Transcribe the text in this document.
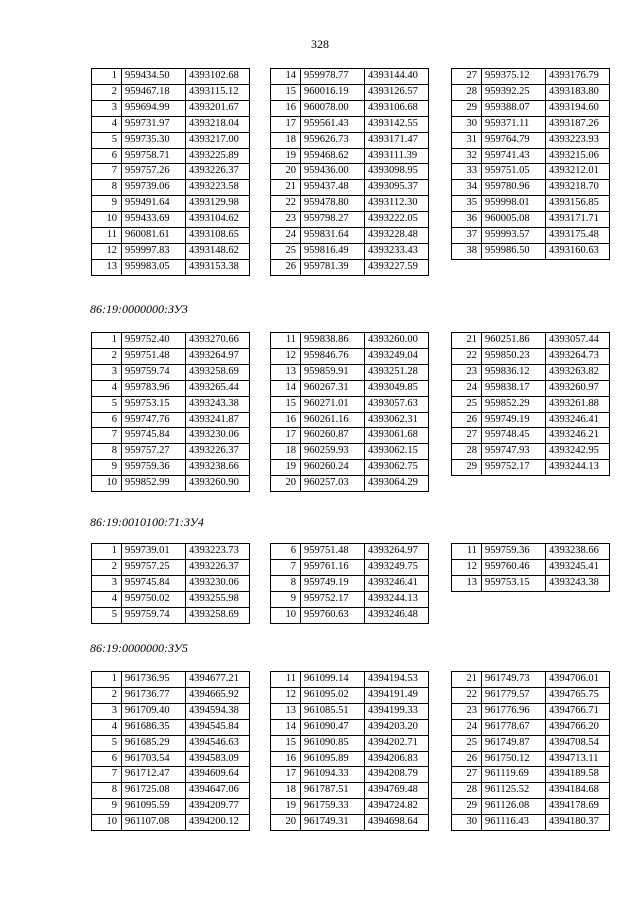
328
1	959434.50	4393102.68
2	959467.18	4393115.12
3	959694.99	4393201.67
4	959731.97	4393218.04
5	959735.30	4393217.00
6	959758.71	4393225.89
7	959757.26	4393226.37
8	959739.06	4393223.58
9	959491.64	4393129.98
10	959433.69	4393104.62
11	960081.61	4393108.65
12	959997.83	4393148.62
13	959983.05	4393153.38
14	959978.77	4393144.40
15	960016.19	4393126.57
16	960078.00	4393106.68
17	959561.43	4393142.55
18	959626.73	4393171.47
19	959468.62	4393111.39
20	959436.00	4393098.95
21	959437.48	4393095.37
22	959478.80	4393112.30
23	959798.27	4393222.05
24	959831.64	4393228.48
25	959816.49	4393233.43
26	959781.39	4393227.59
27	959375.12	4393176.79
28	959392.25	4393183.80
29	959388.07	4393194.60
30	959371.11	4393187.26
31	959764.79	4393223.93
32	959741.43	4393215.06
33	959751.05	4393212.01
34	959780.96	4393218.70
35	959998.01	4393156.85
36	960005.08	4393171.71
37	959993.57	4393175.48
38	959986.50	4393160.63
86:19:0000000:ЗУ3
1	959752.40	4393270.66
2	959751.48	4393264.97
3	959759.74	4393258.69
4	959783.96	4393265.44
5	959753.15	4393243.38
6	959747.76	4393241.87
7	959745.84	4393230.06
8	959757.27	4393226.37
9	959759.36	4393238.66
10	959852.99	4393260.90
11	959838.86	4393260.00
12	959846.76	4393249.04
13	959859.91	4393251.28
14	960267.31	4393049.85
15	960271.01	4393057.63
16	960261.16	4393062.31
17	960260.87	4393061.68
18	960259.93	4393062.15
19	960260.24	4393062.75
20	960257.03	4393064.29
21	960251.86	4393057.44
22	959850.23	4393264.73
23	959836.12	4393263.82
24	959838.17	4393260.97
25	959852.29	4393261.88
26	959749.19	4393246.41
27	959748.45	4393246.21
28	959747.93	4393242.95
29	959752.17	4393244.13
86:19:0010100:71:ЗУ4
1	959739.01	4393223.73
2	959757.25	4393226.37
3	959745.84	4393230.06
4	959750.02	4393255.98
5	959759.74	4393258.69
6	959751.48	4393264.97
7	959761.16	4393249.75
8	959749.19	4393246.41
9	959752.17	4393244.13
10	959760.63	4393246.48
11	959759.36	4393238.66
12	959760.46	4393245.41
13	959753.15	4393243.38
86:19:0000000:ЗУ5
1	961736.95	4394677.21
2	961736.77	4394665.92
3	961709.40	4394594.38
4	961686.35	4394545.84
5	961685.29	4394546.63
6	961703.54	4394583.09
7	961712.47	4394609.64
8	961725.08	4394647.06
9	961095.59	4394209.77
10	961107.08	4394200.12
11	961099.14	4394194.53
12	961095.02	4394191.49
13	961085.51	4394199.33
14	961090.47	4394203.20
15	961090.85	4394202.71
16	961095.89	4394206.83
17	961094.33	4394208.79
18	961787.51	4394769.48
19	961759.33	4394724.82
20	961749.31	4394698.64
21	961749.73	4394706.01
22	961779.57	4394765.75
23	961776.96	4394766.71
24	961778.67	4394766.20
25	961749.87	4394708.54
26	961750.12	4394713.11
27	961119.69	4394189.58
28	961125.52	4394184.68
29	961126.08	4394178.69
30	961116.43	4394180.37
